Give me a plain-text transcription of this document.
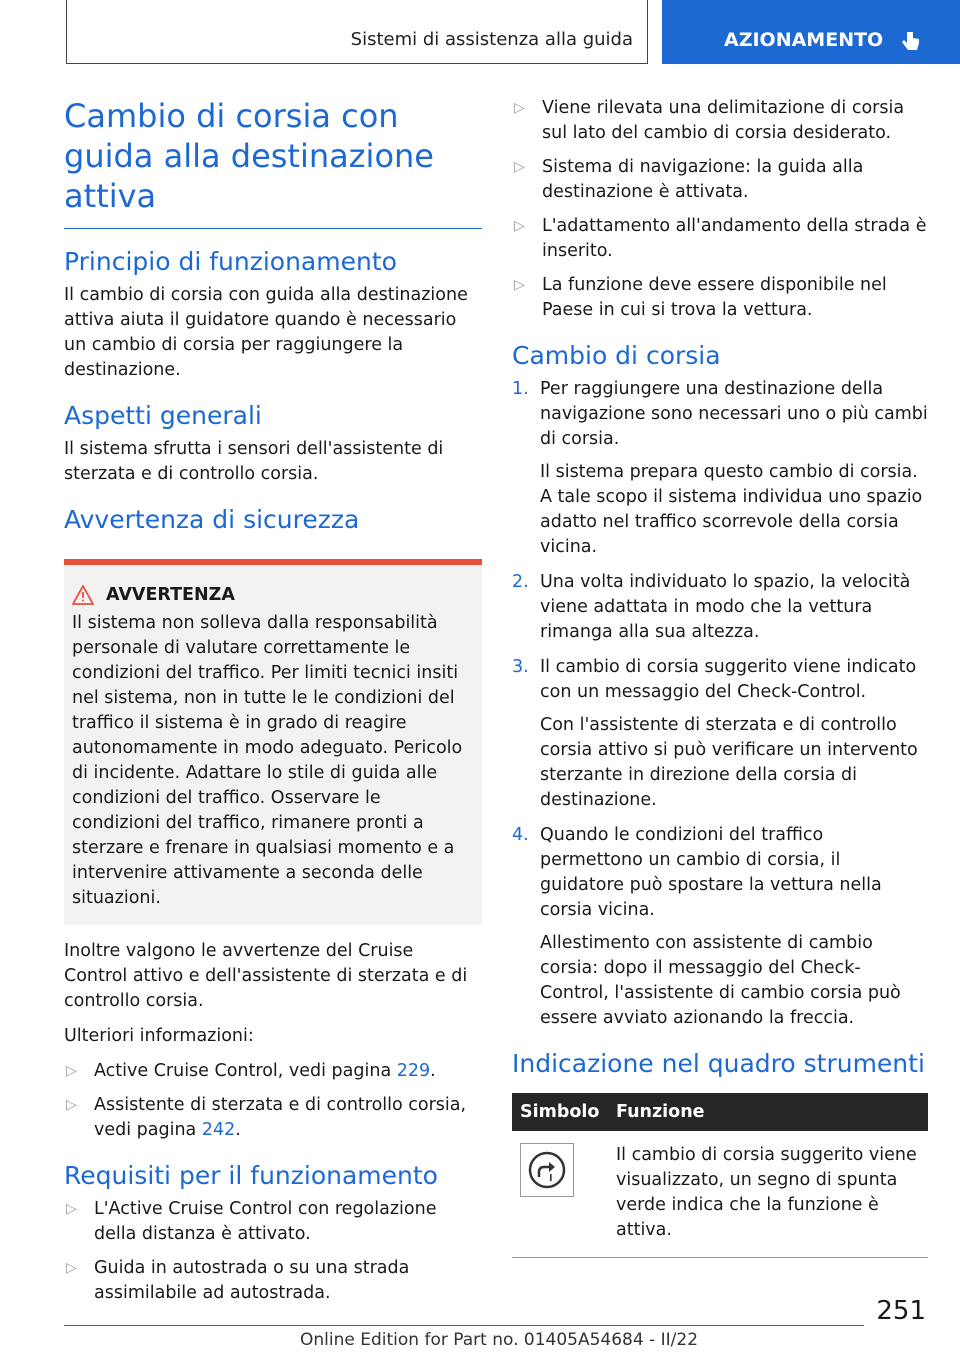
Sistemi di assistenza alla guida	AZIONAMENTO
Cambio di corsia con guida alla destinazione attiva
Principio di funzionamento

Il cambio di corsia con guida alla destinazione attiva aiuta il guidatore quando è necessario un cambio di corsia per raggiungere la destinazione.

Aspetti generali

Il sistema sfrutta i sensori dell'assistente di sterzata e di controllo corsia.

Avvertenza di sicurezza
AVVERTENZA

Il sistema non solleva dalla responsabilità personale di valutare correttamente le condizioni del traffico. Per limiti tecnici insiti nel sistema, non in tutte le le condizioni del traffico il sistema è in grado di reagire autonomamente in modo adeguato. Pericolo di incidente. Adattare lo stile di guida alle condizioni del traffico. Osservare le condizioni del traffico, rimanere pronti a sterzare e frenare in qualsiasi momento e a intervenire attivamente a seconda delle situazioni.

Inoltre valgono le avvertenze del Cruise Control attivo e dell'assistente di sterzata e di controllo corsia.

Ulteriori informazioni:

▷ Active Cruise Control, vedi pagina 229.
▷ Assistente di sterzata e di controllo corsia, vedi pagina 242.
Requisiti per il funzionamento
▷ L'Active Cruise Control con regolazione della distanza è attivato.
▷ Guida in autostrada o su una strada assimilabile ad autostrada.
▷ Viene rilevata una delimitazione di corsia sul lato del cambio di corsia desiderato.
▷ Sistema di navigazione: la guida alla destinazione è attivata.
▷ L'adattamento all'andamento della strada è inserito.
▷ La funzione deve essere disponibile nel Paese in cui si trova la vettura.
Cambio di corsia
1. Per raggiungere una destinazione della navigazione sono necessari uno o più cambi di corsia.

Il sistema prepara questo cambio di corsia. A tale scopo il sistema individua uno spazio adatto nel traffico scorrevole della corsia vicina.

2. Una volta individuato lo spazio, la velocità viene adattata in modo che la vettura rimanga alla sua altezza.

3. Il cambio di corsia suggerito viene indicato con un messaggio del Check-Control.

Con l'assistente di sterzata e di controllo corsia attivo si può verificare un intervento sterzante in direzione della corsia di destinazione.

4. Quando le condizioni del traffico permettono un cambio di corsia, il guidatore può spostare la vettura nella corsia vicina.

Allestimento con assistente di cambio corsia: dopo il messaggio del Check-Control, l'assistente di cambio corsia può essere avviato azionando la freccia.

Indicazione nel quadro strumenti
Simbolo	Funzione

	Il cambio di corsia suggerito viene visualizzato, un segno di spunta verde indica che la funzione è attiva.
251
Online Edition for Part no. 01405A54684 - II/22
